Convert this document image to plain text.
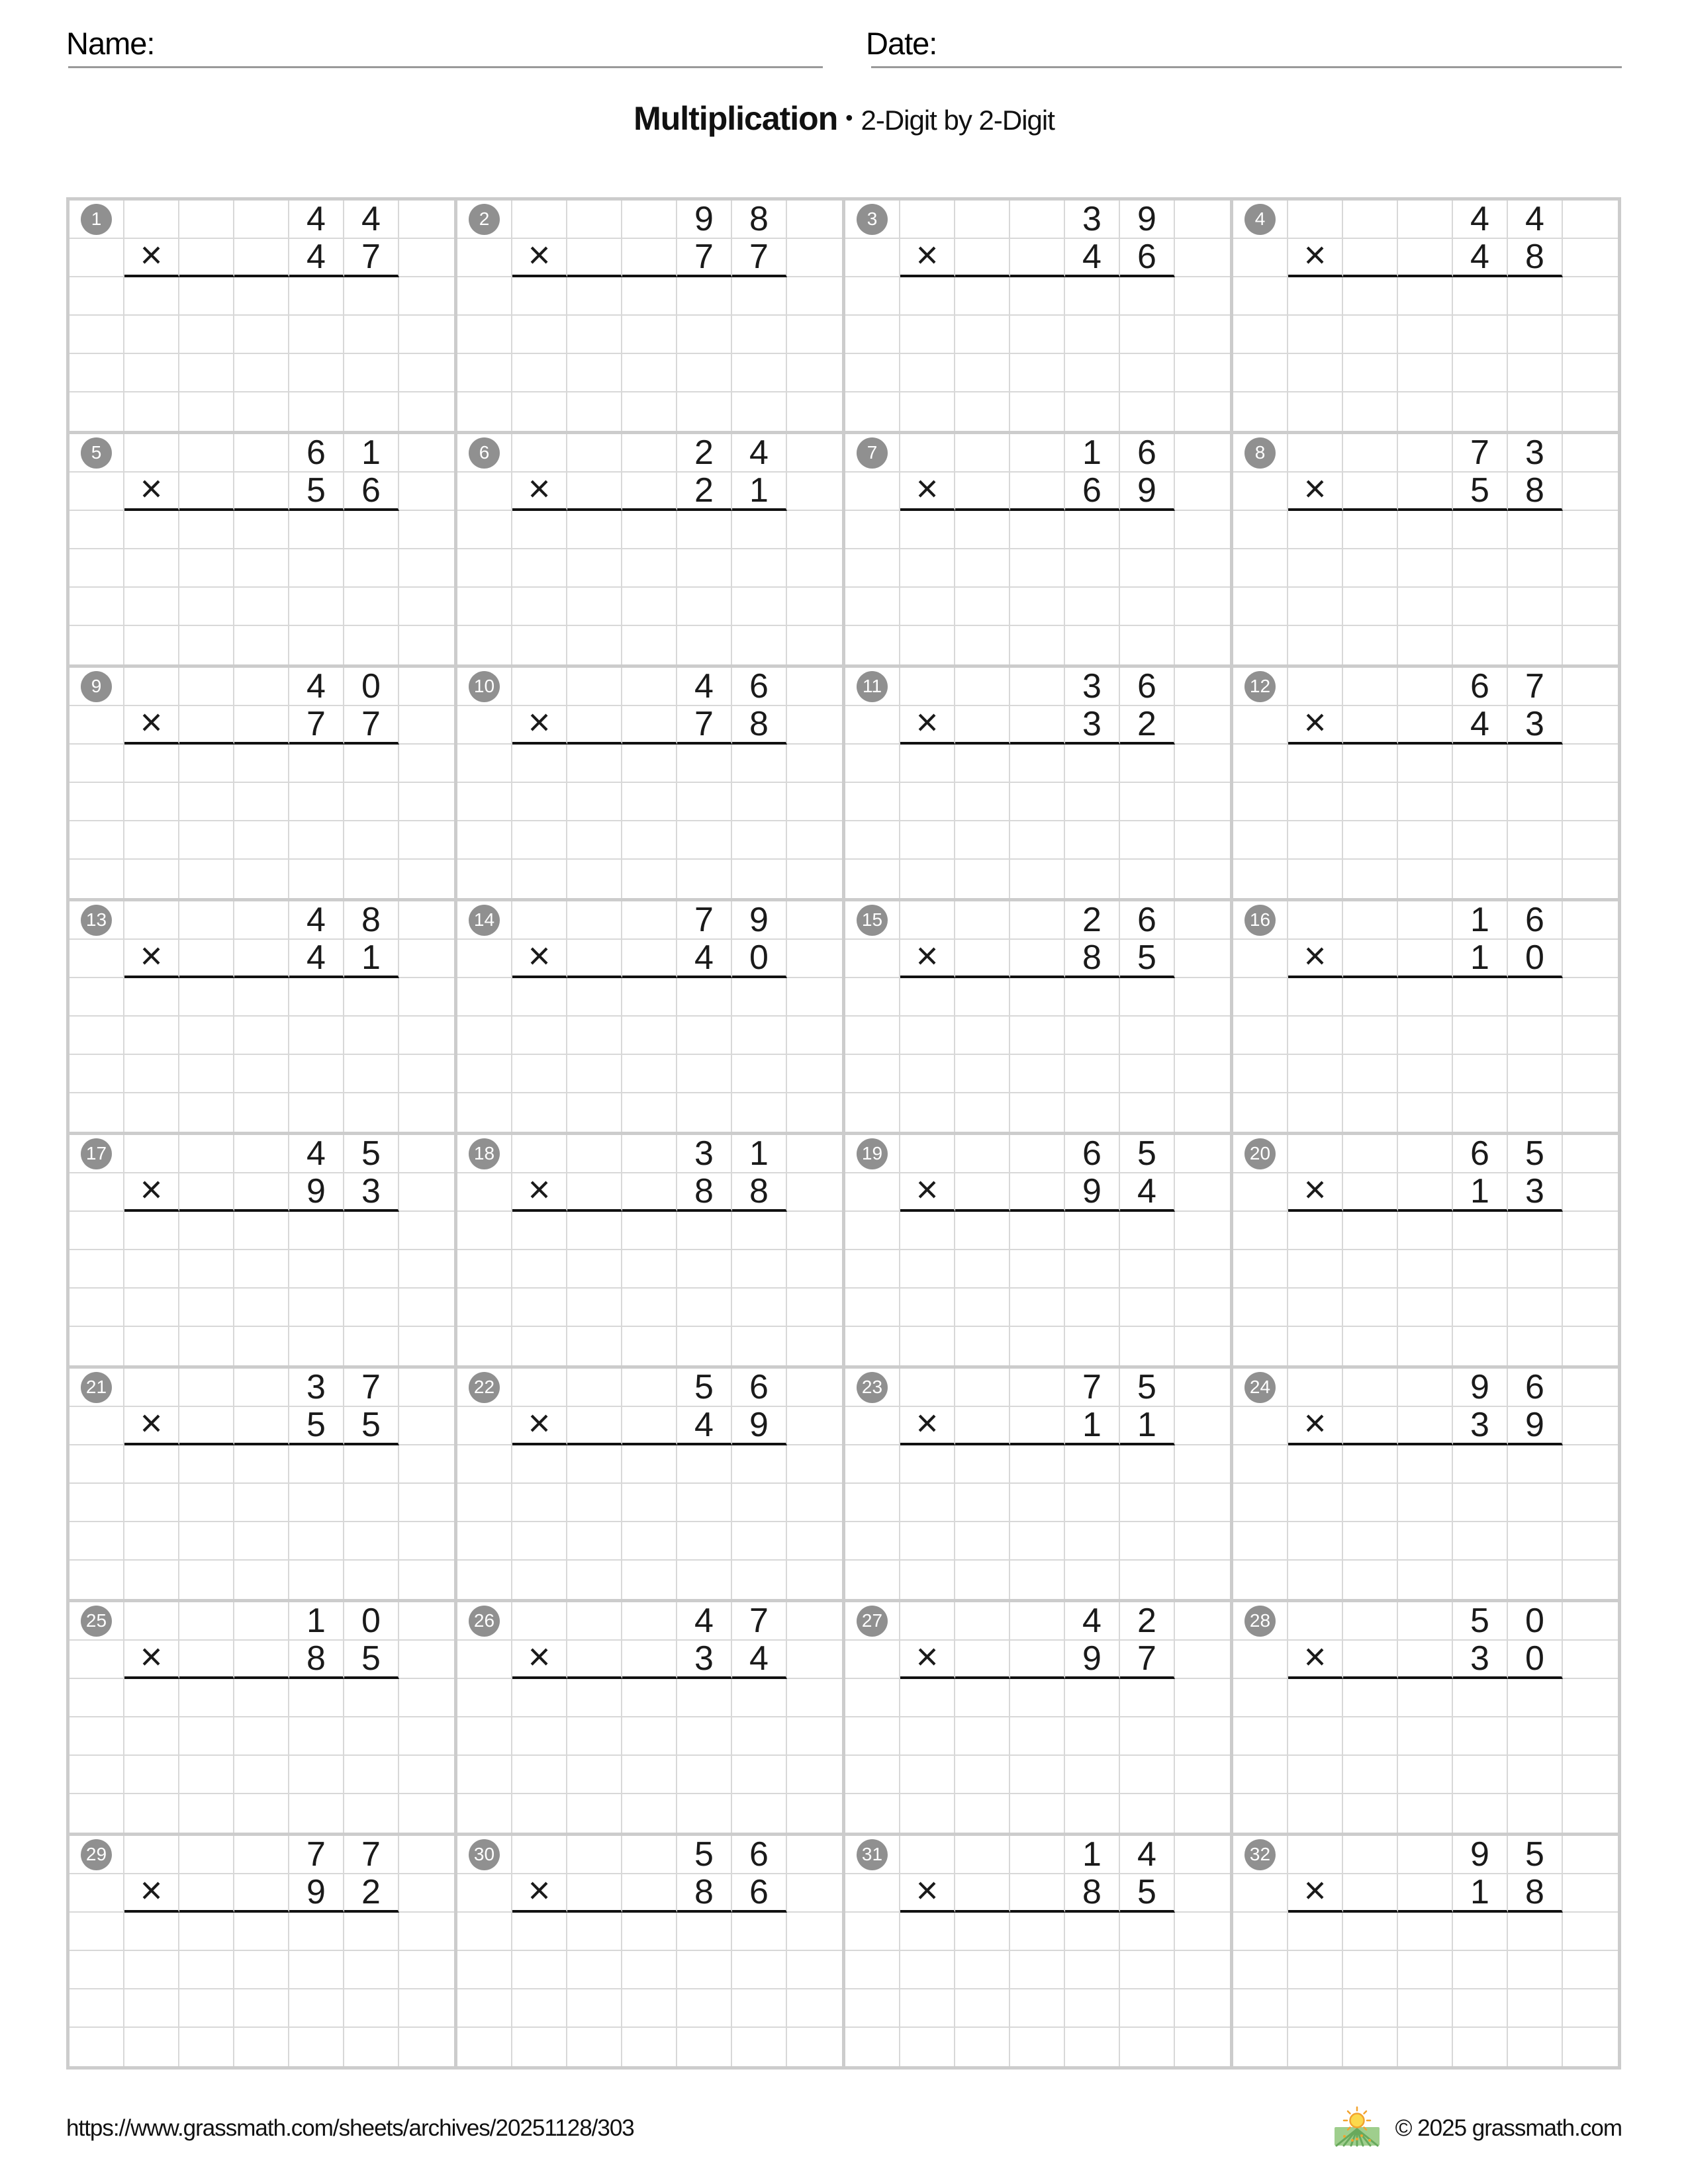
Name:	Date:
Multiplication • 2-Digit by 2-Digit
1	4	4
×	4	7
2	9	8
×	7	7
3	3	9
×	4	6
4	4	4
×	4	8
5	6	1
×	5	6
6	2	4
×	2	1
7	1	6
×	6	9
8	7	3
×	5	8
9	4	0
×	7	7
10	4	6
×	7	8
11	3	6
×	3	2
12	6	7
×	4	3
13	4	8
×	4	1
14	7	9
×	4	0
15	2	6
×	8	5
16	1	6
×	1	0
17	4	5
×	9	3
18	3	1
×	8	8
19	6	5
×	9	4
20	6	5
×	1	3
21	3	7
×	5	5
22	5	6
×	4	9
23	7	5
×	1	1
24	9	6
×	3	9
25	1	0
×	8	5
26	4	7
×	3	4
27	4	2
×	9	7
28	5	0
×	3	0
29	7	7
×	9	2
30	5	6
×	8	6
31	1	4
×	8	5
32	9	5
×	1	8
https://www.grassmath.com/sheets/archives/20251128/303	© 2025 grassmath.com
